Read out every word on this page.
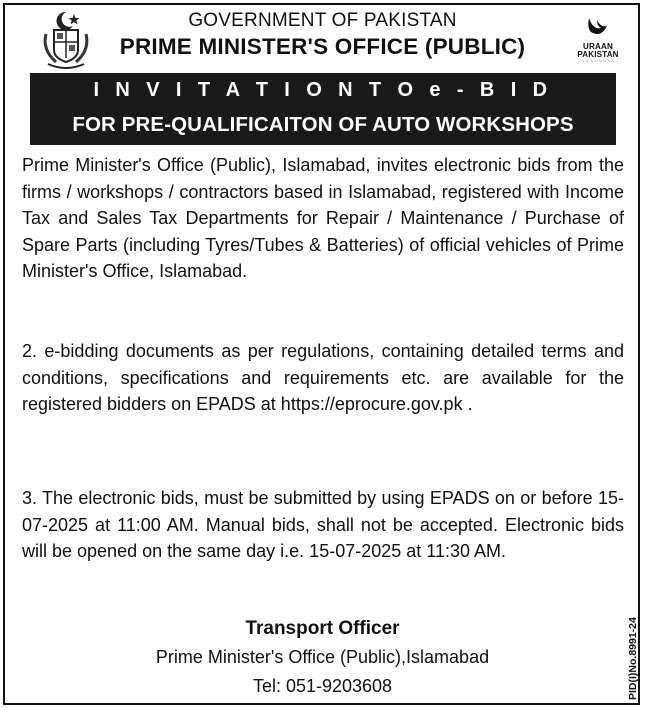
URAAN
PAKISTAN
~ ~ ~ ~ ~ ~ ~ ~
GOVERNMENT OF PAKISTAN
PRIME MINISTER'S OFFICE (PUBLIC)
I N V I T A T I O N T O e - B I D
FOR PRE-QUALIFICAITON OF AUTO WORKSHOPS
Prime Minister's Office (Public), Islamabad, invites electronic bids from the firms / workshops / contractors based in Islamabad, registered with Income Tax and Sales Tax Departments for Repair / Maintenance / Purchase of Spare Parts (including Tyres/Tubes & Batteries) of official vehicles of Prime Minister's Office, Islamabad.
2. e-bidding documents as per regulations, containing detailed terms and conditions, specifications and requirements etc. are available for the registered bidders on EPADS at https://eprocure.gov.pk .
3. The electronic bids, must be submitted by using EPADS on or before 15-07-2025 at 11:00 AM. Manual bids, shall not be accepted. Electronic bids will be opened on the same day i.e. 15-07-2025 at 11:30 AM.
Transport Officer
Prime Minister's Office (Public),Islamabad
Tel: 051-9203608	PID(I)No.8991-24
